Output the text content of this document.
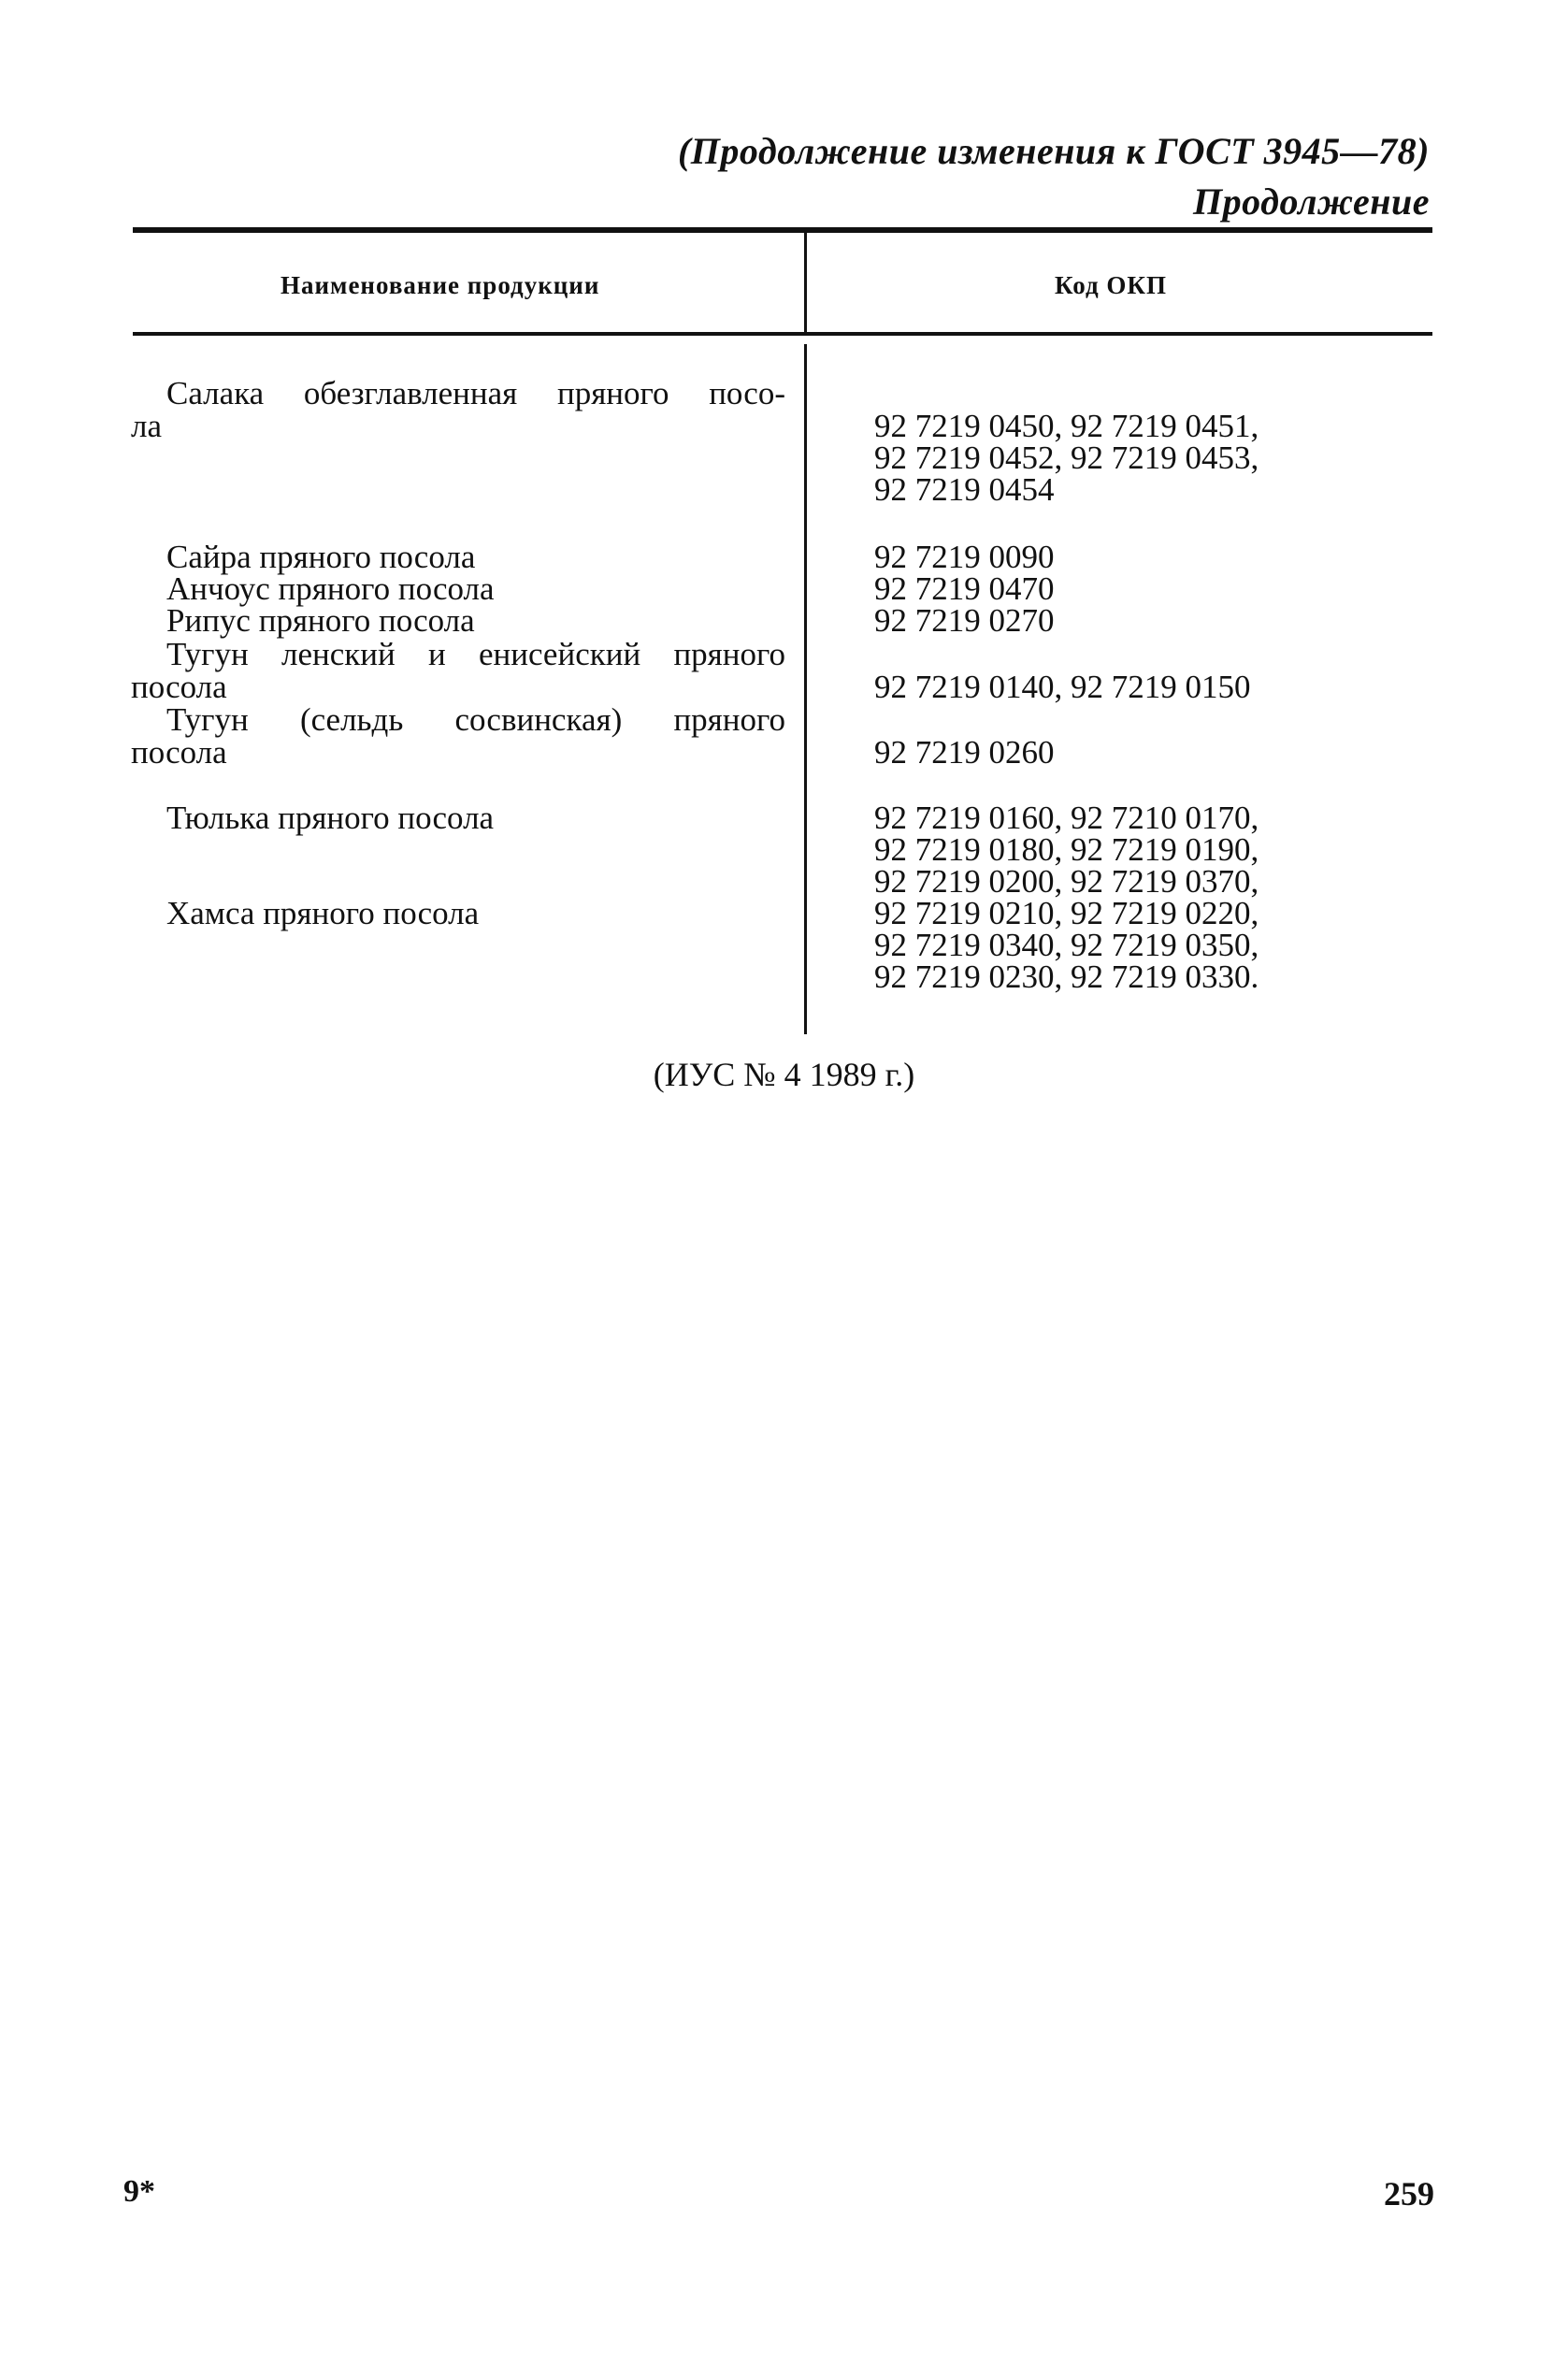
(Продолжение изменения к ГОСТ 3945—78)
Продолжение
Наименование продукции	Код ОКП
Салака обезглавленная пряного посо-
ла	92 7219 0450, 92 7219 0451,
92 7219 0452, 92 7219 0453,
92 7219 0454
Сайра пряного посола	92 7219 0090
Анчоус пряного посола	92 7219 0470
Рипус пряного посола	92 7219 0270
Тугун ленский и енисейский пряного
посола	92 7219 0140, 92 7219 0150
Тугун (сельдь сосвинская) пряного
посола	92 7219 0260
Тюлька пряного посола	92 7219 0160, 92 7210 0170,
92 7219 0180, 92 7219 0190,
92 7219 0200, 92 7219 0370,
Хамса пряного посола	92 7219 0210, 92 7219 0220,
92 7219 0340, 92 7219 0350,
92 7219 0230, 92 7219 0330.
(ИУС № 4 1989 г.)
9*	259
